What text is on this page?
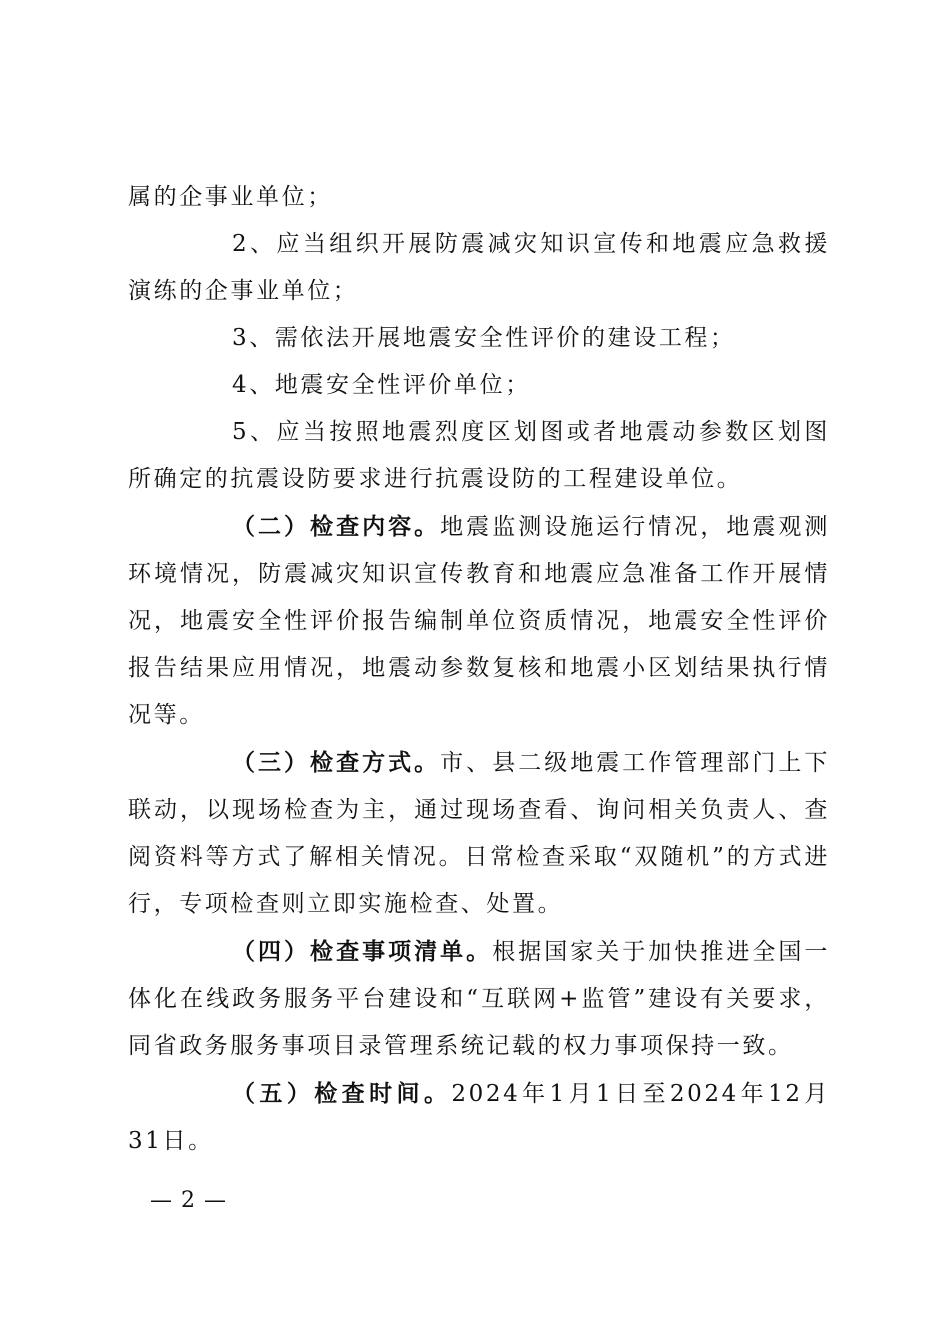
属的企事业单位；

2、应当组织开展防震减灾知识宣传和地震应急救援演练的企事业单位；

3、需依法开展地震安全性评价的建设工程；

4、地震安全性评价单位；

5、应当按照地震烈度区划图或者地震动参数区划图所确定的抗震设防要求进行抗震设防的工程建设单位。

（二）检查内容。地震监测设施运行情况，地震观测环境情况，防震减灾知识宣传教育和地震应急准备工作开展情况，地震安全性评价报告编制单位资质情况，地震安全性评价报告结果应用情况，地震动参数复核和地震小区划结果执行情况等。

（三）检查方式。市、县二级地震工作管理部门上下联动，以现场检查为主，通过现场查看、询问相关负责人、查阅资料等方式了解相关情况。日常检查采取“双随机”的方式进行，专项检查则立即实施检查、处置。

（四）检查事项清单。根据国家关于加快推进全国一体化在线政务服务平台建设和“互联网+监管”建设有关要求，同省政务服务事项目录管理系统记载的权力事项保持一致。

（五）检查时间。2024年1月1日至2024年12月31日。

— 2 —
